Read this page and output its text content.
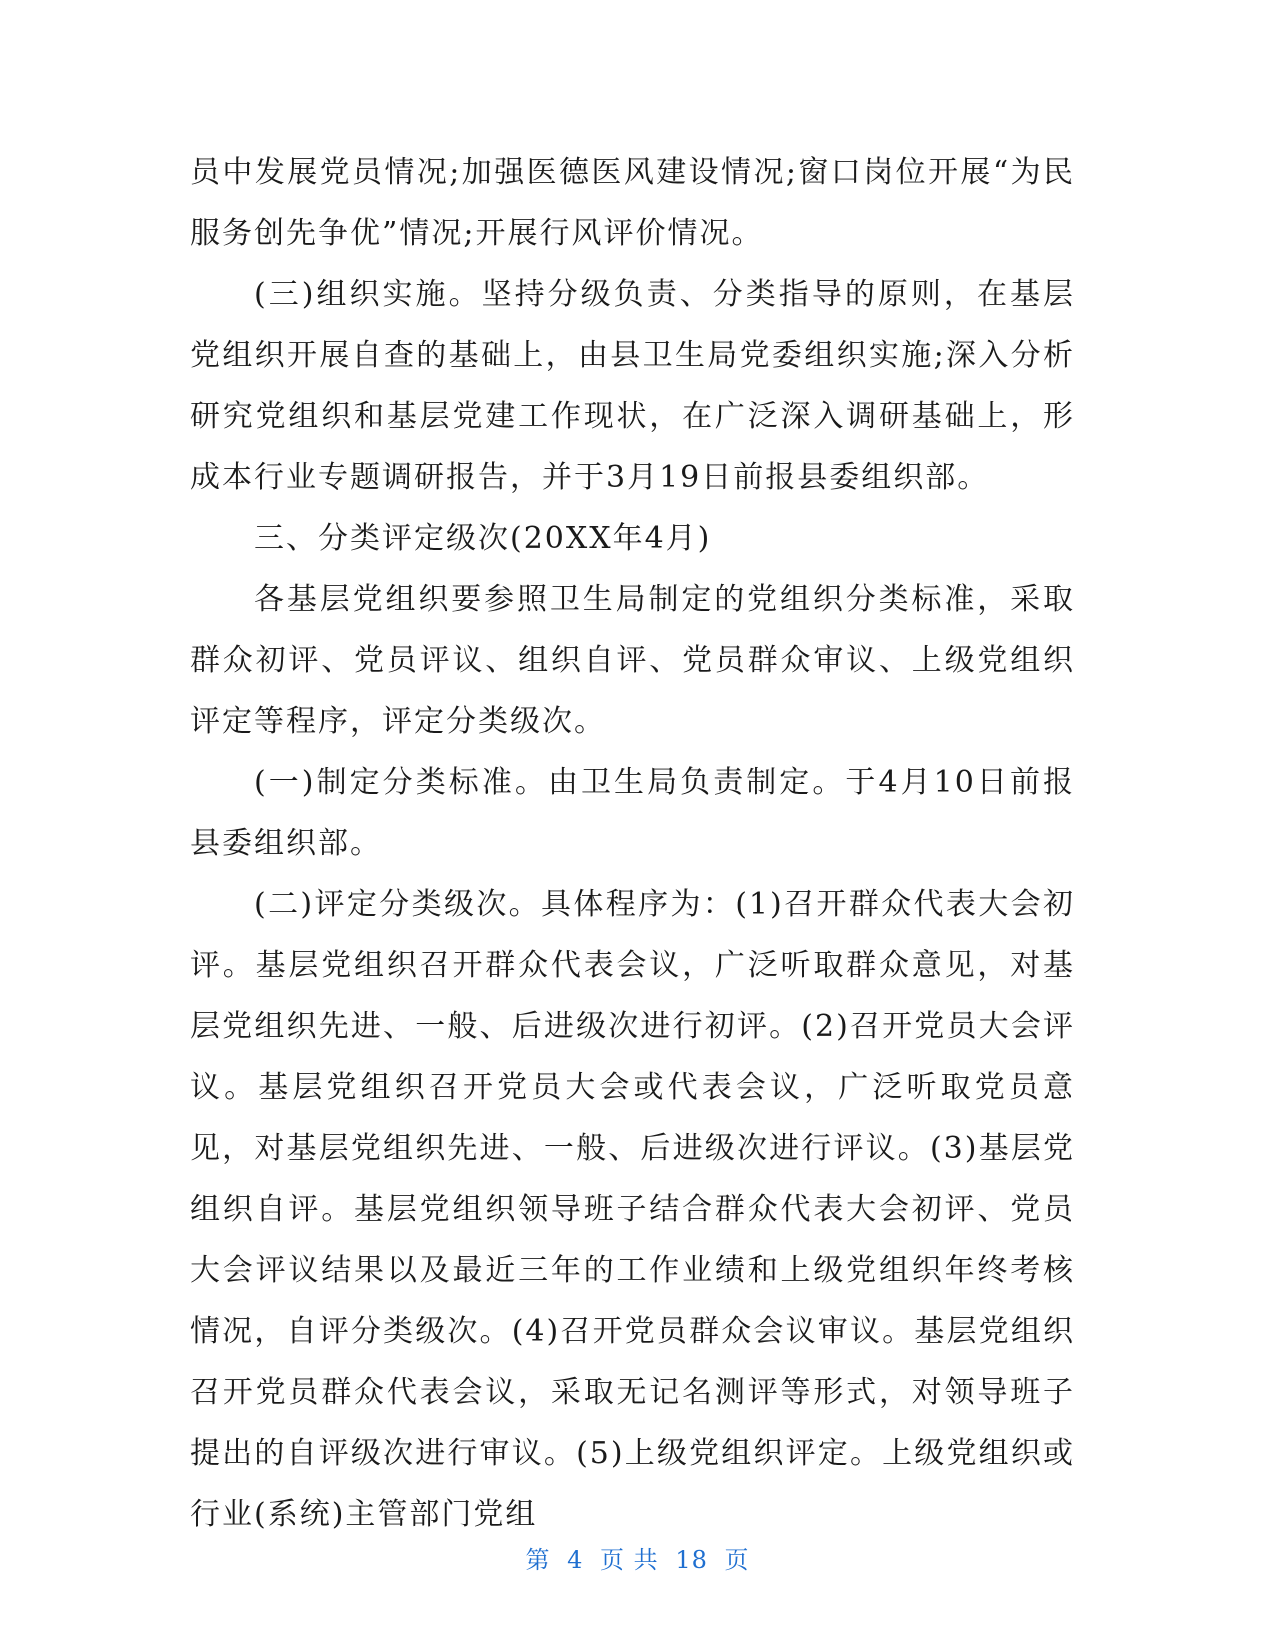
员中发展党员情况;加强医德医风建设情况;窗口岗位开展“为民服务创先争优”情况;开展行风评价情况。

(三)组织实施。坚持分级负责、分类指导的原则，在基层党组织开展自查的基础上，由县卫生局党委组织实施;深入分析研究党组织和基层党建工作现状，在广泛深入调研基础上，形成本行业专题调研报告，并于3月19日前报县委组织部。

三、分类评定级次(20XX年4月)

各基层党组织要参照卫生局制定的党组织分类标准，采取群众初评、党员评议、组织自评、党员群众审议、上级党组织评定等程序，评定分类级次。

(一)制定分类标准。由卫生局负责制定。于4月10日前报县委组织部。

(二)评定分类级次。具体程序为：(1)召开群众代表大会初评。基层党组织召开群众代表会议，广泛听取群众意见，对基层党组织先进、一般、后进级次进行初评。(2)召开党员大会评议。基层党组织召开党员大会或代表会议，广泛听取党员意见，对基层党组织先进、一般、后进级次进行评议。(3)基层党组织自评。基层党组织领导班子结合群众代表大会初评、党员大会评议结果以及最近三年的工作业绩和上级党组织年终考核情况，自评分类级次。(4)召开党员群众会议审议。基层党组织召开党员群众代表会议，采取无记名测评等形式，对领导班子提出的自评级次进行审议。(5)上级党组织评定。上级党组织或行业(系统)主管部门党组

第 4 页 共 18 页
